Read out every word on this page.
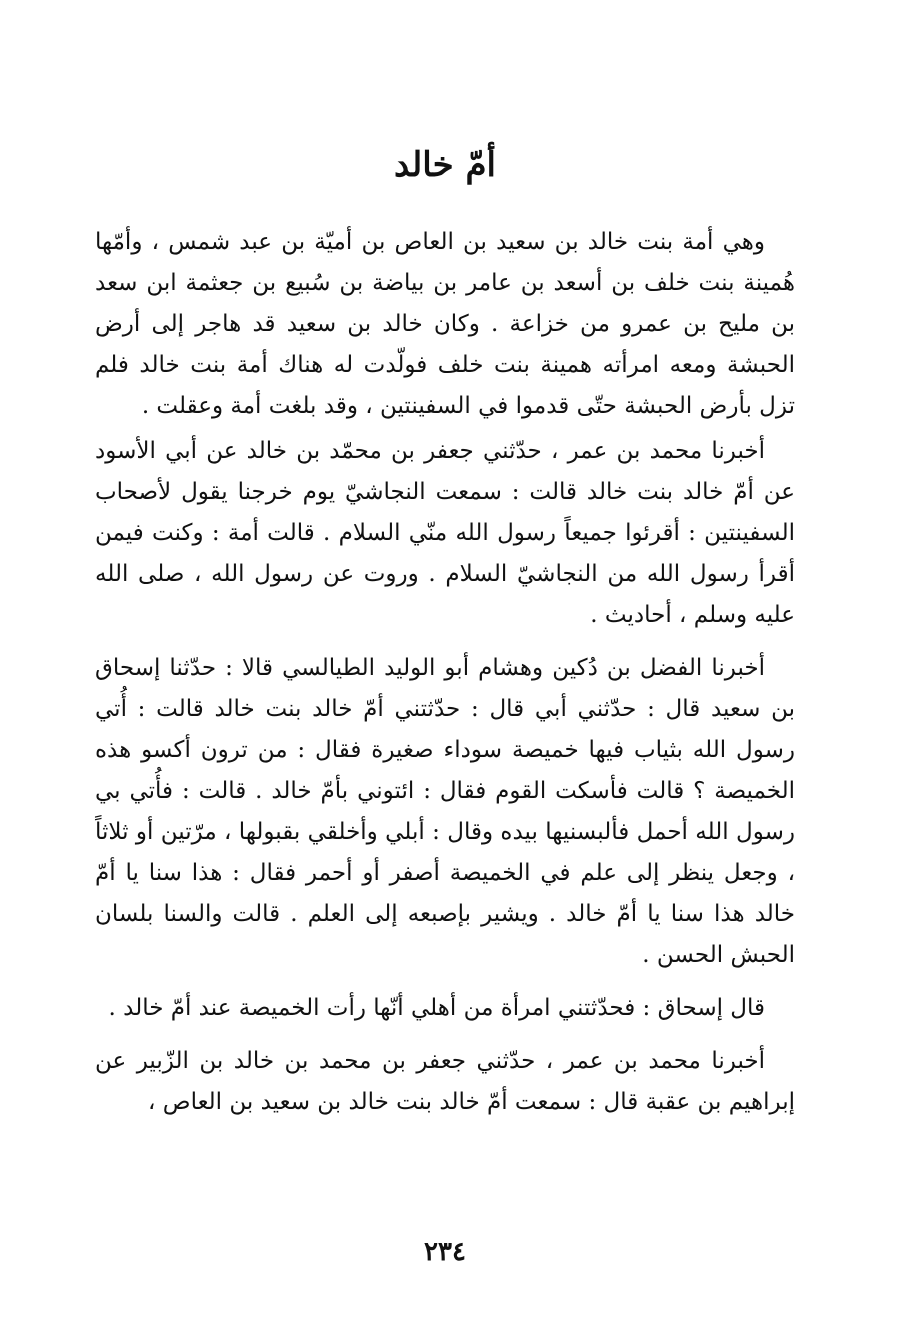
أمّ خالد

وهي أمة بنت خالد بن سعيد بن العاص بن أميّة بن عبد شمس ، وأمّها هُمينة بنت خلف بن أسعد بن عامر بن بياضة بن سُبيع بن جعثمة ابن سعد بن مليح بن عمرو من خزاعة . وكان خالد بن سعيد قد هاجر إلى أرض الحبشة ومعه امرأته همينة بنت خلف فولّدت له هناك أمة بنت خالد فلم تزل بأرض الحبشة حتّى قدموا في السفينتين ، وقد بلغت أمة وعقلت .

أخبرنا محمد بن عمر ، حدّثني جعفر بن محمّد بن خالد عن أبي الأسود عن أمّ خالد بنت خالد قالت : سمعت النجاشيّ يوم خرجنا يقول لأصحاب السفينتين : أقرئوا جميعاً رسول الله منّي السلام . قالت أمة : وكنت فيمن أقرأ رسول الله من النجاشيّ السلام . وروت عن رسول الله ، صلى الله عليه وسلم ، أحاديث .

أخبرنا الفضل بن دُكين وهشام أبو الوليد الطيالسي قالا : حدّثنا إسحاق بن سعيد قال : حدّثني أبي قال : حدّثتني أمّ خالد بنت خالد قالت : أُتي رسول الله بثياب فيها خميصة سوداء صغيرة فقال : من ترون أكسو هذه الخميصة ؟ قالت فأسكت القوم فقال : ائتوني بأمّ خالد . قالت : فأُتي بي رسول الله أحمل فألبسنيها بيده وقال : أبلي وأخلقي بقبولها ، مرّتين أو ثلاثاً ، وجعل ينظر إلى علم في الخميصة أصفر أو أحمر فقال : هذا سنا يا أمّ خالد هذا سنا يا أمّ خالد . ويشير بإصبعه إلى العلم . قالت والسنا بلسان الحبش الحسن .

قال إسحاق : فحدّثتني امرأة من أهلي أنّها رأت الخميصة عند أمّ خالد .

أخبرنا محمد بن عمر ، حدّثني جعفر بن محمد بن خالد بن الزّبير عن إبراهيم بن عقبة قال : سمعت أمّ خالد بنت خالد بن سعيد بن العاص ،

٢٣٤
